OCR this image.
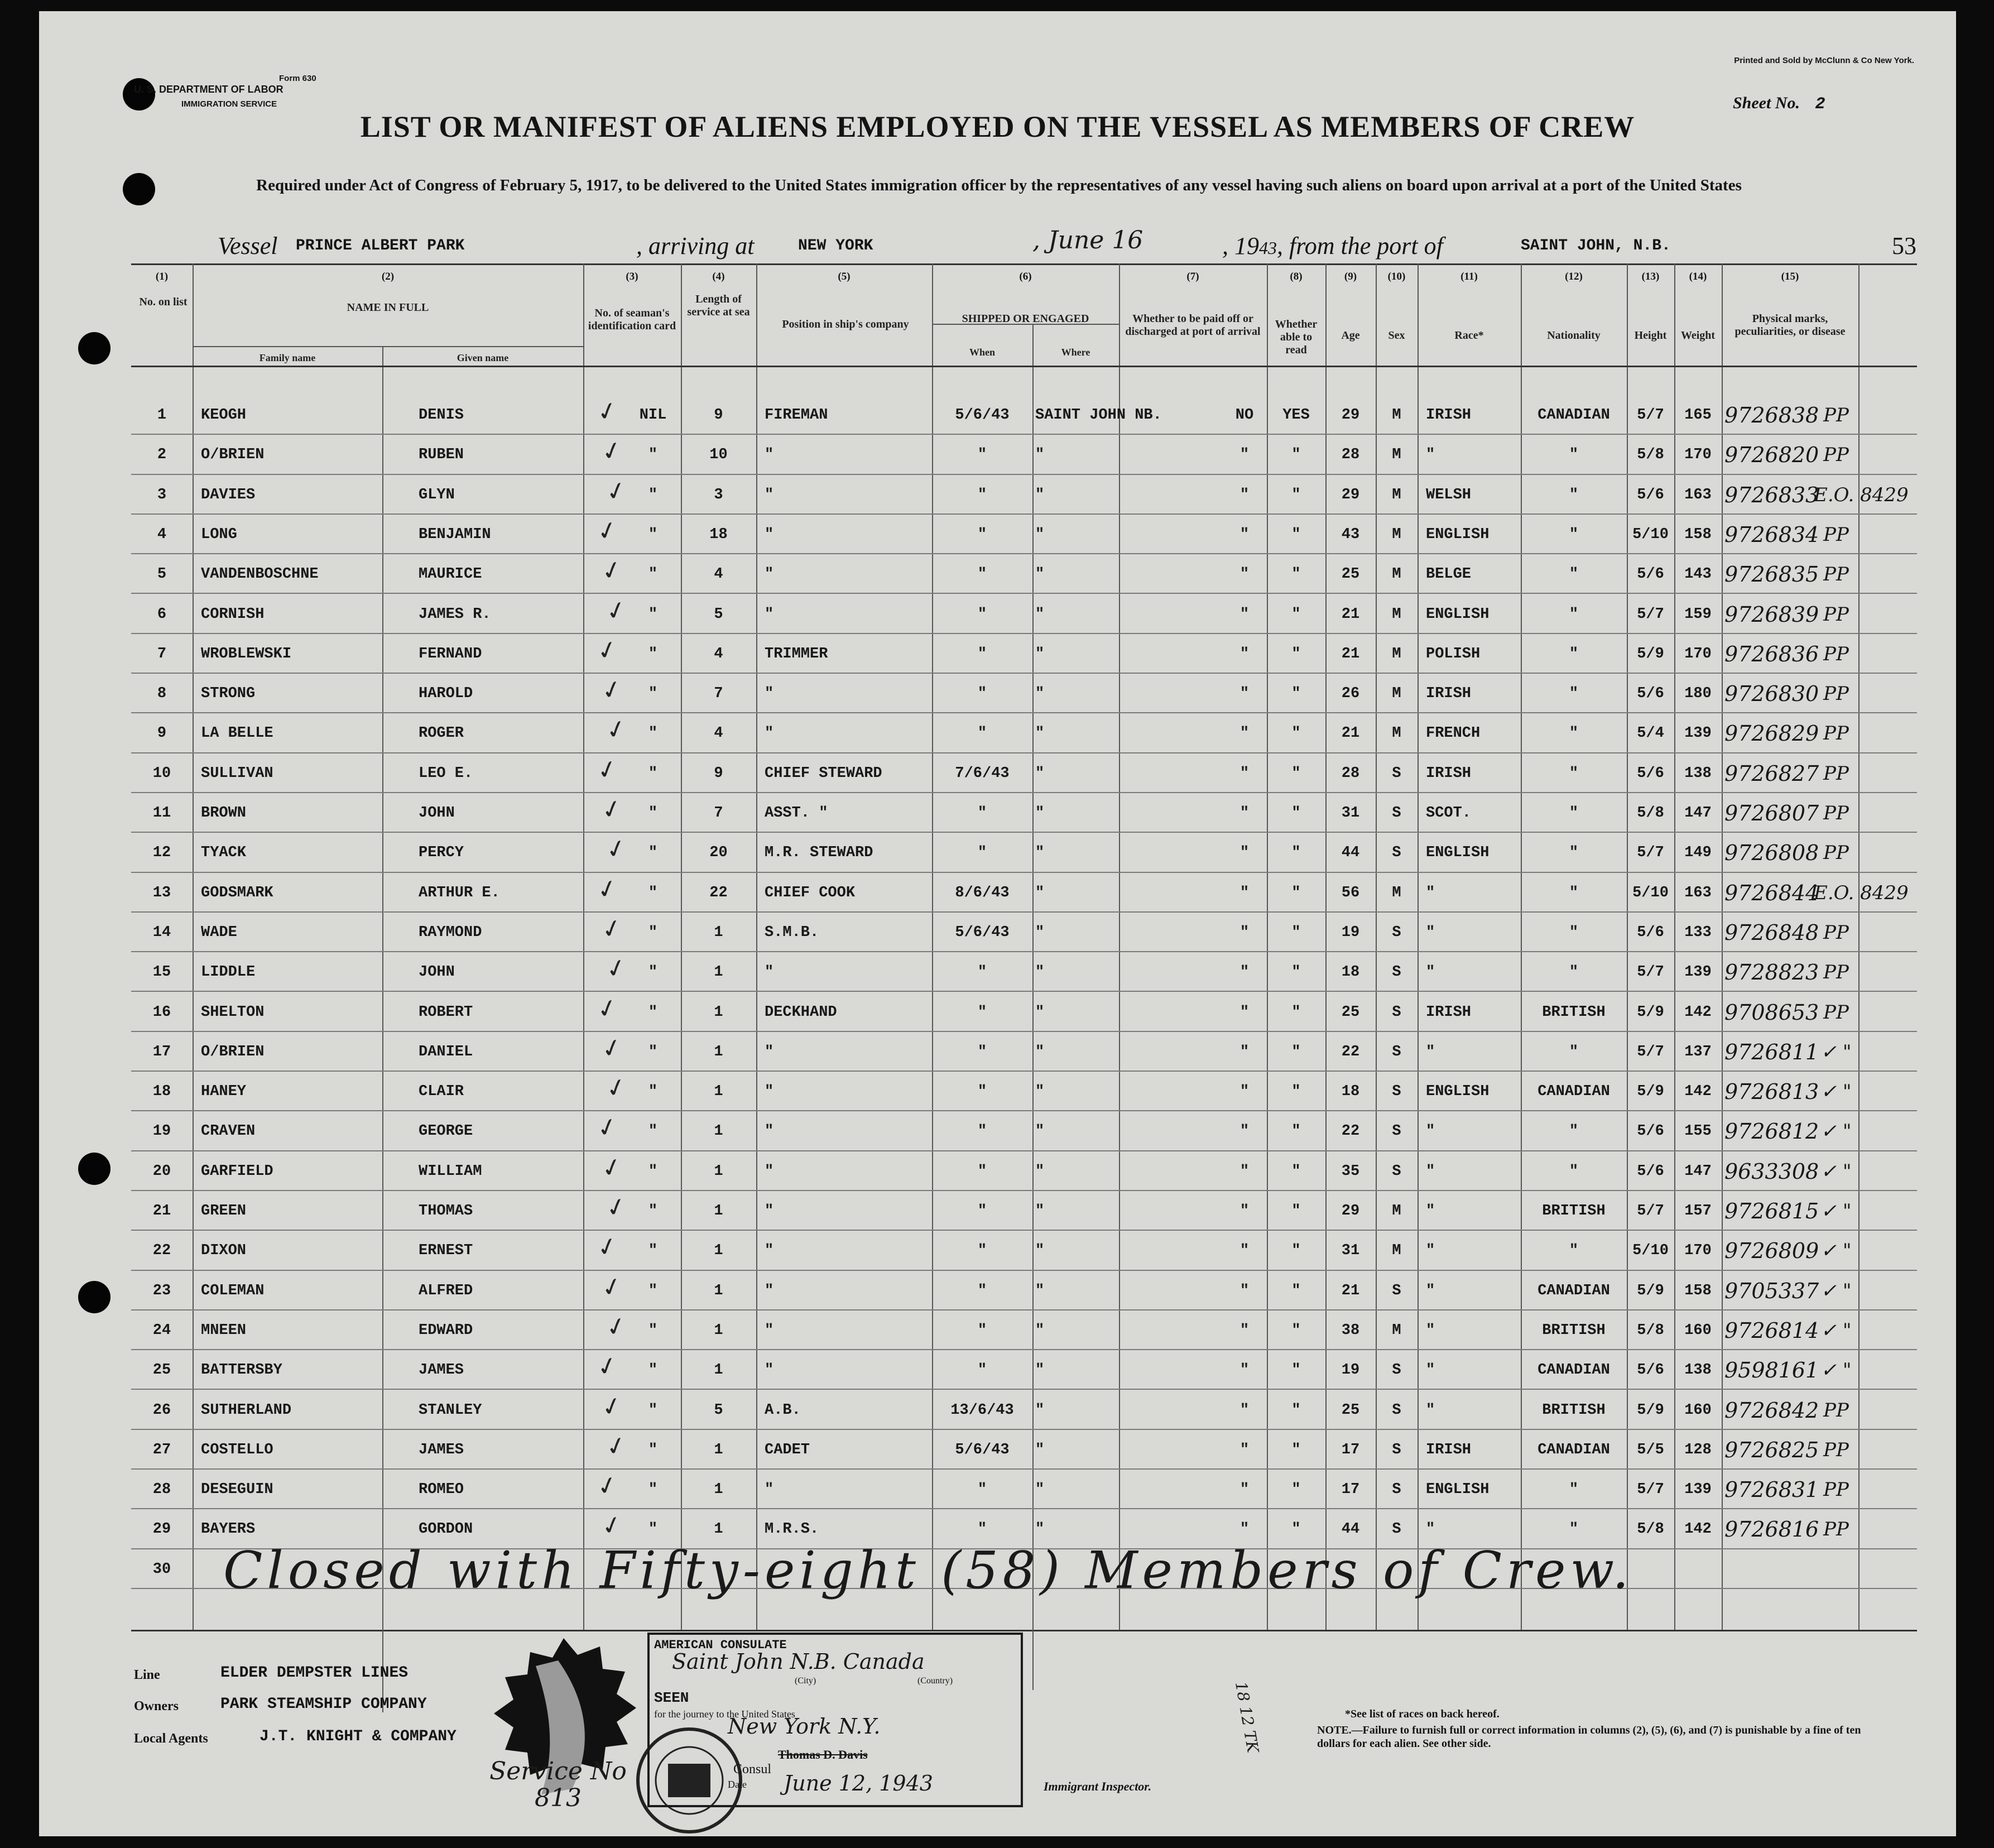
Form 630
U. S. DEPARTMENT OF LABOR
IMMIGRATION SERVICE
Printed and Sold by McClunn & Co New York.
Sheet No. 2
LIST OR MANIFEST OF ALIENS EMPLOYED ON THE VESSEL AS MEMBERS OF CREW
Required under Act of Congress of February 5, 1917, to be delivered to the United States immigration officer by the representatives of any vessel having such aliens on board upon arrival at a port of the United States
Vessel PRINCE ALBERT PARK	, arriving at	NEW YORK	, June 16	, 1943, from the port of	SAINT JOHN, N.B.	53
(1)	(2)	(3)	(4)	(5)	(6)	(7)	(8)	(9)	(10)	(11)	(12)	(13)	(14)	(15)
No. on list	NAME IN FULL
Family name	Given name
No. of seaman's identification card
Length of service at sea
Position in ship's company	SHIPPED OR ENGAGED
When	Where
Whether to be paid off or discharged at port of arrival
Whether able to read
Age	Sex	Race*	Nationality	Height	Weight
Physical marks, peculiarities, or disease
1	KEOGH	DENIS	NIL	9	FIREMAN	5/6/43	SAINT JOHN NB.	NO	YES	29	M	IRISH	CANADIAN	5/7	165 9726838 PP
✓
2	O/BRIEN	RUBEN	"	10	"	"	"	"	"	28	M	"	"	5/8	170 9726820 PP
✓
3	DAVIES	GLYN	"	3	"	"	"	"	"	29	M	WELSH	"	5/6	163 9726833
E.O. 8429
✓
4	LONG	BENJAMIN	"	18	"	"	"	"	"	43	M	ENGLISH	"	5/10	158 9726834 PP
✓
5	VANDENBOSCHNE	MAURICE	"	4	"	"	"	"	"	25	M	BELGE	"	5/6	143 9726835 PP
✓
6	CORNISH	JAMES R.	"	5	"	"	"	"	"	21	M	ENGLISH	"	5/7	159 9726839 PP
✓
7	WROBLEWSKI	FERNAND	"	4	TRIMMER	"	"	"	"	21	M	POLISH	"	5/9	170 9726836 PP
✓
8	STRONG	HAROLD	"	7	"	"	"	"	"	26	M	IRISH	"	5/6	180 9726830 PP
✓
9	LA BELLE	ROGER	"	4	"	"	"	"	"	21	M	FRENCH	"	5/4	139 9726829 PP
✓
10	SULLIVAN	LEO E.	"	9	CHIEF STEWARD	7/6/43	"	"	"	28	S	IRISH	"	5/6	138 9726827 PP
✓
11	BROWN	JOHN	"	7	ASST. "	"	"	"	"	31	S	SCOT.	"	5/8	147 9726807 PP
✓
12	TYACK	PERCY	"	20	M.R. STEWARD	"	"	"	"	44	S	ENGLISH	"	5/7	149 9726808 PP
✓
13	GODSMARK	ARTHUR E.	"	22	CHIEF COOK	8/6/43	"	"	"	56	M	"	"	5/10	163 9726844
E.O. 8429
✓
14	WADE	RAYMOND	"	1	S.M.B.	5/6/43	"	"	"	19	S	"	"	5/6	133 9726848 PP
✓
15	LIDDLE	JOHN	"	1	"	"	"	"	"	18	S	"	"	5/7	139 9728823 PP
✓
16	SHELTON	ROBERT	"	1	DECKHAND	"	"	"	"	25	S	IRISH	BRITISH	5/9	142 9708653 PP
✓
17	O/BRIEN	DANIEL	"	1	"	"	"	"	"	22	S	"	"	5/7	137 9726811 ✓ "
✓
18	HANEY	CLAIR	"	1	"	"	"	"	"	18	S	ENGLISH	CANADIAN	5/9	142 9726813 ✓ "
✓
19	CRAVEN	GEORGE	"	1	"	"	"	"	"	22	S	"	"	5/6	155 9726812 ✓ "
✓
20	GARFIELD	WILLIAM	"	1	"	"	"	"	"	35	S	"	"	5/6	147 9633308 ✓ "
✓
21	GREEN	THOMAS	"	1	"	"	"	"	"	29	M	"	BRITISH	5/7	157 9726815 ✓ "
✓
22	DIXON	ERNEST	"	1	"	"	"	"	"	31	M	"	"	5/10	170 9726809 ✓ "
✓
23	COLEMAN	ALFRED	"	1	"	"	"	"	"	21	S	"	CANADIAN	5/9	158 9705337 ✓ "
✓
24	MNEEN	EDWARD	"	1	"	"	"	"	"	38	M	"	BRITISH	5/8	160 9726814 ✓ "
✓
25	BATTERSBY	JAMES	"	1	"	"	"	"	"	19	S	"	CANADIAN	5/6	138 9598161 ✓ "
✓
26	SUTHERLAND	STANLEY	"	5	A.B.	13/6/43	"	"	"	25	S	"	BRITISH	5/9	160 9726842 PP
✓
27	COSTELLO	JAMES	"	1	CADET	5/6/43	"	"	"	17	S	IRISH	CANADIAN	5/5	128 9726825 PP
✓
28	DESEGUIN	ROMEO	"	1	"	"	"	"	"	17	S	ENGLISH	"	5/7	139 9726831 PP
✓
29	BAYERS	GORDON	"	1	M.R.S.	"	"	"	"	44	S	"	"	5/8	142 9726816 PP
✓
30	Closed with Fifty-eight (58) Members of Crew.
AMERICAN CONSULATE
Saint John N.B. Canada
(City)	(Country)
SEEN
for the journey to the United States
New York N.Y.
Thomas D. Davis
Consul
Date June 12, 1943	Immigrant Inspector.
Line	ELDER DEMPSTER LINES
Owners	PARK STEAMSHIP COMPANY
Local Agents	J.T. KNIGHT & COMPANY
Service No
813
18 12 TK	*See list of races on back hereof.
NOTE.—Failure to furnish full or correct information in columns (2), (5), (6), and (7) is punishable by a fine of ten dollars for each alien. See other side.
